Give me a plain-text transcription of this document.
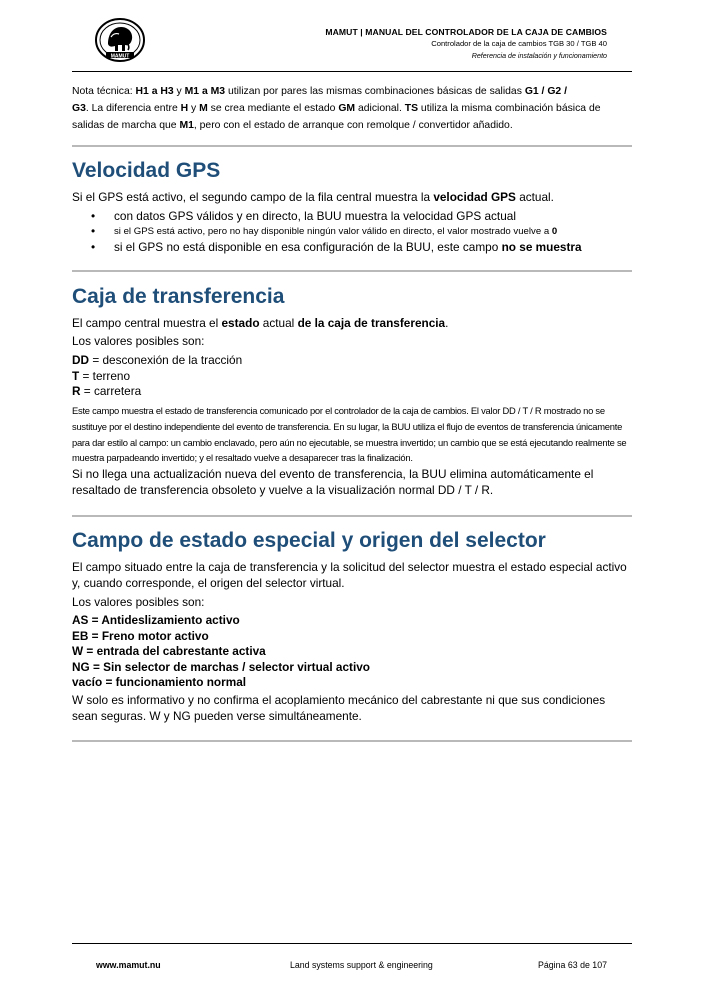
MAMUT
MAMUT | MANUAL DEL CONTROLADOR DE LA CAJA DE CAMBIOS
Controlador de la caja de cambios TGB 30 / TGB 40
Referencia de instalación y funcionamiento
Nota técnica: H1 a H3 y M1 a M3 utilizan por pares las mismas combinaciones básicas de salidas G1 / G2 /
G3. La diferencia entre H y M se crea mediante el estado GM adicional. TS utiliza la misma combinación básica de salidas de marcha que M1, pero con el estado de arranque con remolque / convertidor añadido.
Velocidad GPS

Si el GPS está activo, el segundo campo de la fila central muestra la velocidad GPS actual.

• con datos GPS válidos y en directo, la BUU muestra la velocidad GPS actual
• si el GPS está activo, pero no hay disponible ningún valor válido en directo, el valor mostrado vuelve a 0
• si el GPS no está disponible en esa configuración de la BUU, este campo no se muestra
Caja de transferencia

El campo central muestra el estado actual de la caja de transferencia.

Los valores posibles son:

DD = desconexión de la tracción
T = terreno
R = carretera

Este campo muestra el estado de transferencia comunicado por el controlador de la caja de cambios. El valor DD / T / R mostrado no se sustituye por el destino independiente del evento de transferencia. En su lugar, la BUU utiliza el flujo de eventos de transferencia únicamente para dar estilo al campo: un cambio enclavado, pero aún no ejecutable, se muestra invertido; un cambio que se está ejecutando realmente se muestra parpadeando invertido; y el resaltado vuelve a desaparecer tras la finalización.

Si no llega una actualización nueva del evento de transferencia, la BUU elimina automáticamente el resaltado de transferencia obsoleto y vuelve a la visualización normal DD / T / R.

Campo de estado especial y origen del selector

El campo situado entre la caja de transferencia y la solicitud del selector muestra el estado especial activo y, cuando corresponde, el origen del selector virtual.

Los valores posibles son:

AS = Antideslizamiento activo
EB = Freno motor activo
W = entrada del cabrestante activa
NG = Sin selector de marchas / selector virtual activo
vacío = funcionamiento normal

W solo es informativo y no confirma el acoplamiento mecánico del cabrestante ni que sus condiciones sean seguras. W y NG pueden verse simultáneamente.

www.mamut.nu	Land systems support & engineering	Página 63 de 107
